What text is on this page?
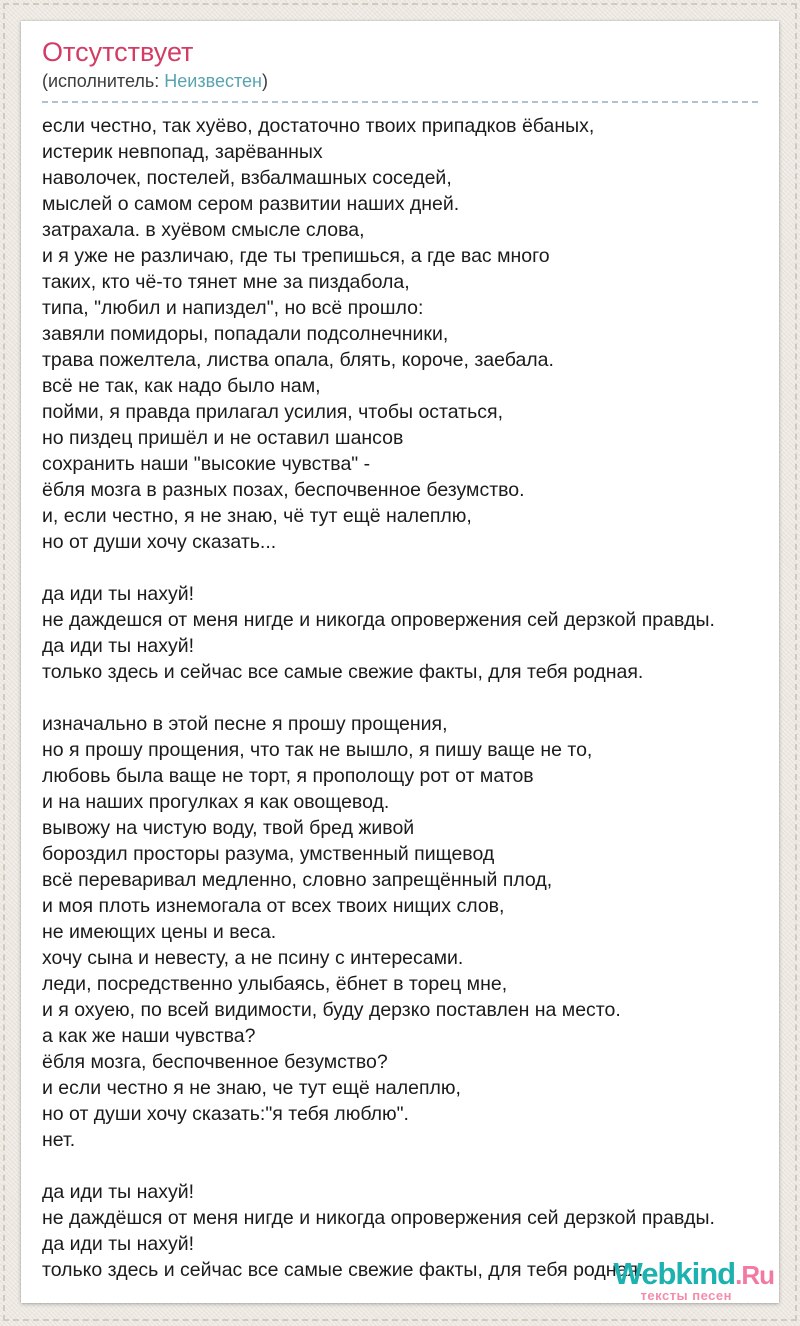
Отсутствует

(исполнитель: Неизвестен)

если честно, так хуёво, достаточно твоих припадков ёбаных,
истерик невпопад, зарёванных
наволочек, постелей, взбалмашных соседей,
мыслей о самом сером развитии наших дней.
затрахала. в хуёвом смысле слова,
и я уже не различаю, где ты трепишься, а где вас много
таких, кто чё-то тянет мне за пиздабола,
типа, "любил и напиздел", но всё прошло:
завяли помидоры, попадали подсолнечники,
трава пожелтела, листва опала, блять, короче, заебала.
всё не так, как надо было нам,
пойми, я правда прилагал усилия, чтобы остаться,
но пиздец пришёл и не оставил шансов
сохранить наши "высокие чувства" -
ёбля мозга в разных позах, беспочвенное безумство.
и, если честно, я не знаю, чё тут ещё налеплю,
но от души хочу сказать...

да иди ты нахуй!
не даждешся от меня нигде и никогда опровержения сей дерзкой правды.
да иди ты нахуй!
только здесь и сейчас все самые свежие факты, для тебя родная.

изначально в этой песне я прошу прощения,
но я прошу прощения, что так не вышло, я пишу ваще не то,
любовь была ваще не торт, я прополощу рот от матов
и на наших прогулках я как овощевод.
вывожу на чистую воду, твой бред живой
бороздил просторы разума, умственный пищевод
всё переваривал медленно, словно запрещённый плод,
и моя плоть изнемогала от всех твоих нищих слов,
не имеющих цены и веса.
хочу сына и невесту, а не псину с интересами.
леди, посредственно улыбаясь, ёбнет в торец мне,
и я охуею, по всей видимости, буду дерзко поставлен на место.
а как же наши чувства?
ёбля мозга, беспочвенное безумство?
и если честно я не знаю, че тут ещё налеплю,
но от души хочу сказать:"я тебя люблю".
нет.

да иди ты нахуй!
не даждёшся от меня нигде и никогда опровержения сей дерзкой правды.
да иди ты нахуй!
только здесь и сейчас все самые свежие факты, для тебя родная.
Webkind.Ru
тексты песен
